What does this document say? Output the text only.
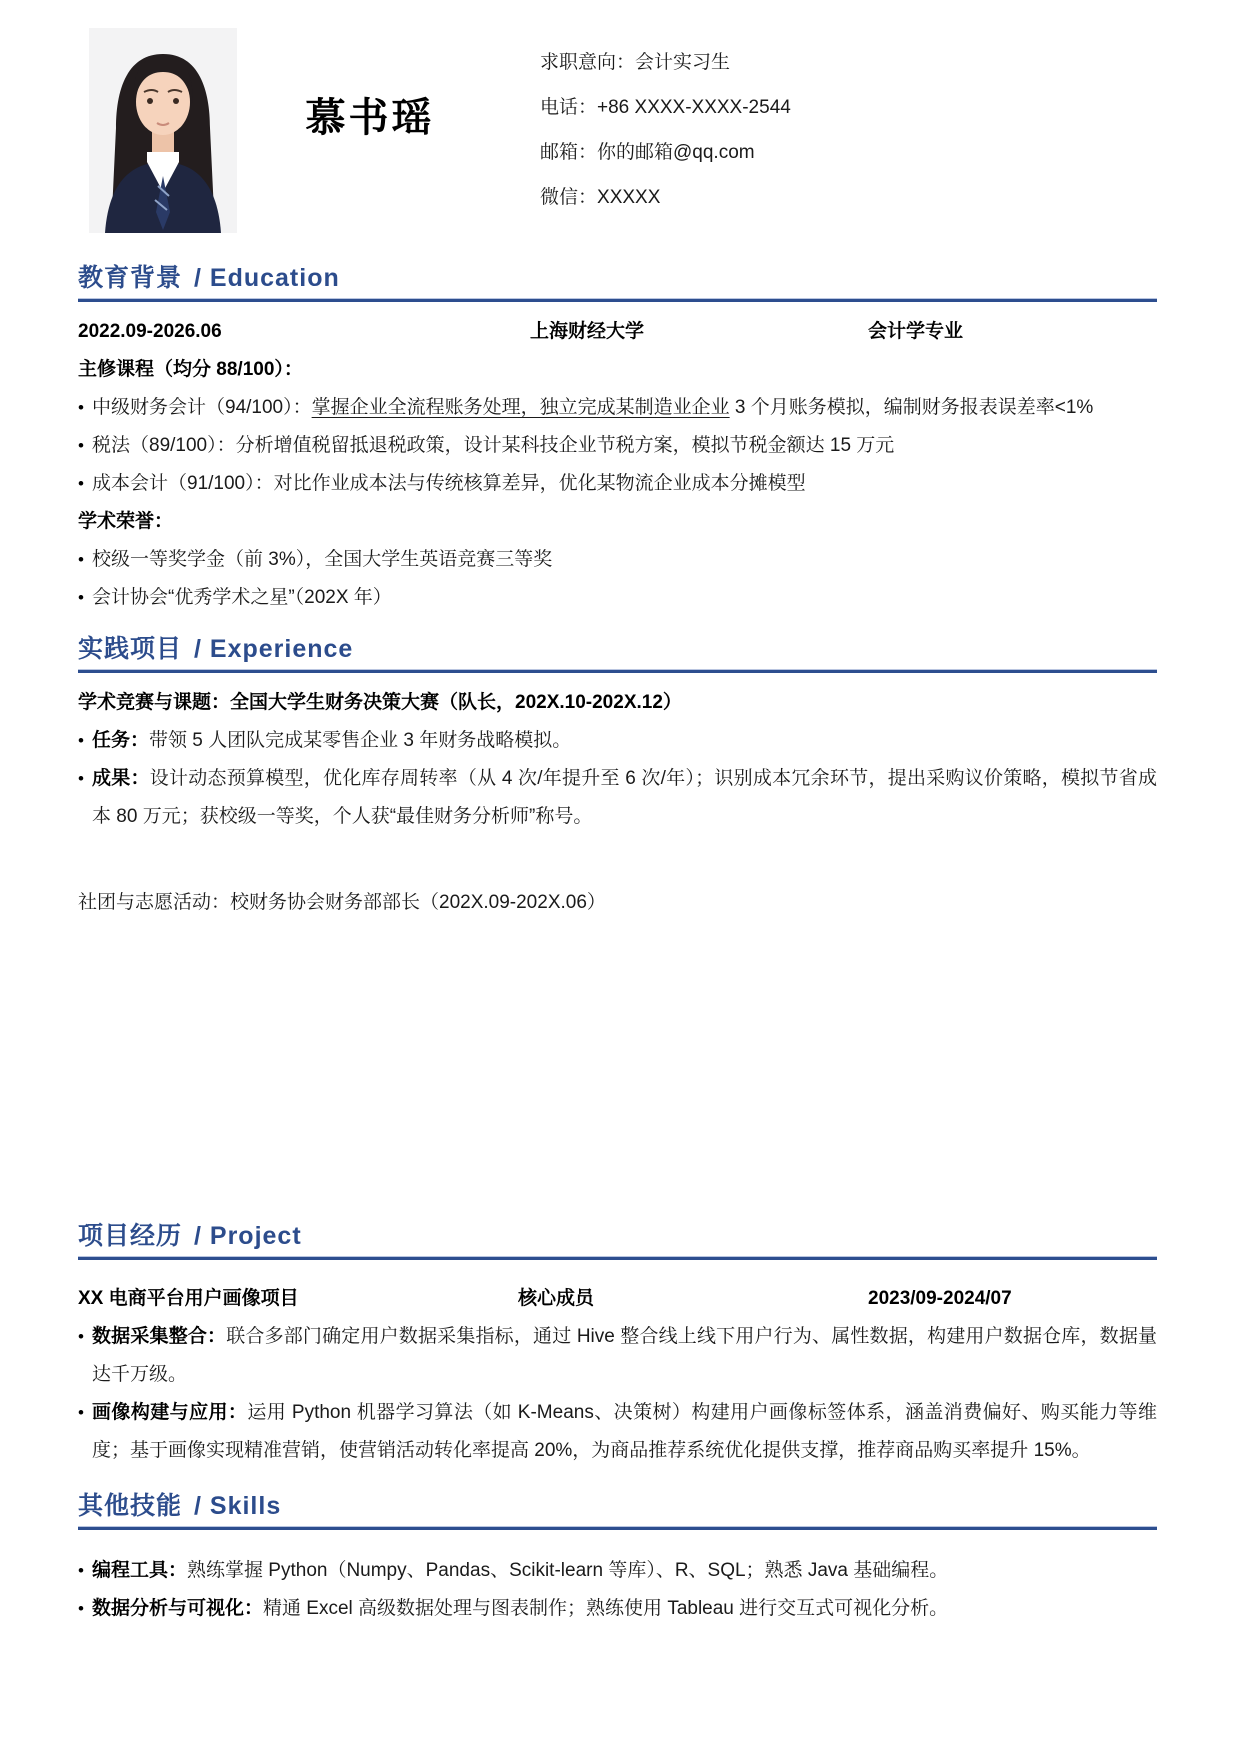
慕书瑶

求职意向：会计实习生

电话：+86 XXXX-XXXX-2544

邮箱：你的邮箱@qq.com

微信：XXXXX

教育背景 / Education
2022.09-2026.06	上海财经大学	会计学专业

主修课程（均分 88/100）：

• 中级财务会计（94/100）：掌握企业全流程账务处理，独立完成某制造业企业 3 个月账务模拟，编制财务报表误差率<1%

• 税法（89/100）：分析增值税留抵退税政策，设计某科技企业节税方案，模拟节税金额达 15 万元

• 成本会计（91/100）：对比作业成本法与传统核算差异，优化某物流企业成本分摊模型

学术荣誉：

• 校级一等奖学金（前 3%），全国大学生英语竞赛三等奖

• 会计协会“优秀学术之星”（202X 年）

实践项目 / Experience

学术竞赛与课题：全国大学生财务决策大赛（队长，202X.10-202X.12）

• 任务：带领 5 人团队完成某零售企业 3 年财务战略模拟。

• 成果：设计动态预算模型，优化库存周转率（从 4 次/年提升至 6 次/年）；识别成本冗余环节，提出采购议价策略，模拟节省成本 80 万元；获校级一等奖，个人获“最佳财务分析师”称号。

社团与志愿活动：校财务协会财务部部长（202X.09-202X.06）

项目经历 / Project
XX 电商平台用户画像项目	核心成员	2023/09-2024/07

• 数据采集整合：联合多部门确定用户数据采集指标，通过 Hive 整合线上线下用户行为、属性数据，构建用户数据仓库，数据量达千万级。

• 画像构建与应用：运用 Python 机器学习算法（如 K-Means、决策树）构建用户画像标签体系，涵盖消费偏好、购买能力等维度；基于画像实现精准营销，使营销活动转化率提高 20%，为商品推荐系统优化提供支撑，推荐商品购买率提升 15%。

其他技能 / Skills

• 编程工具：熟练掌握 Python（Numpy、Pandas、Scikit-learn 等库）、R、SQL；熟悉 Java 基础编程。

• 数据分析与可视化：精通 Excel 高级数据处理与图表制作；熟练使用 Tableau 进行交互式可视化分析。
